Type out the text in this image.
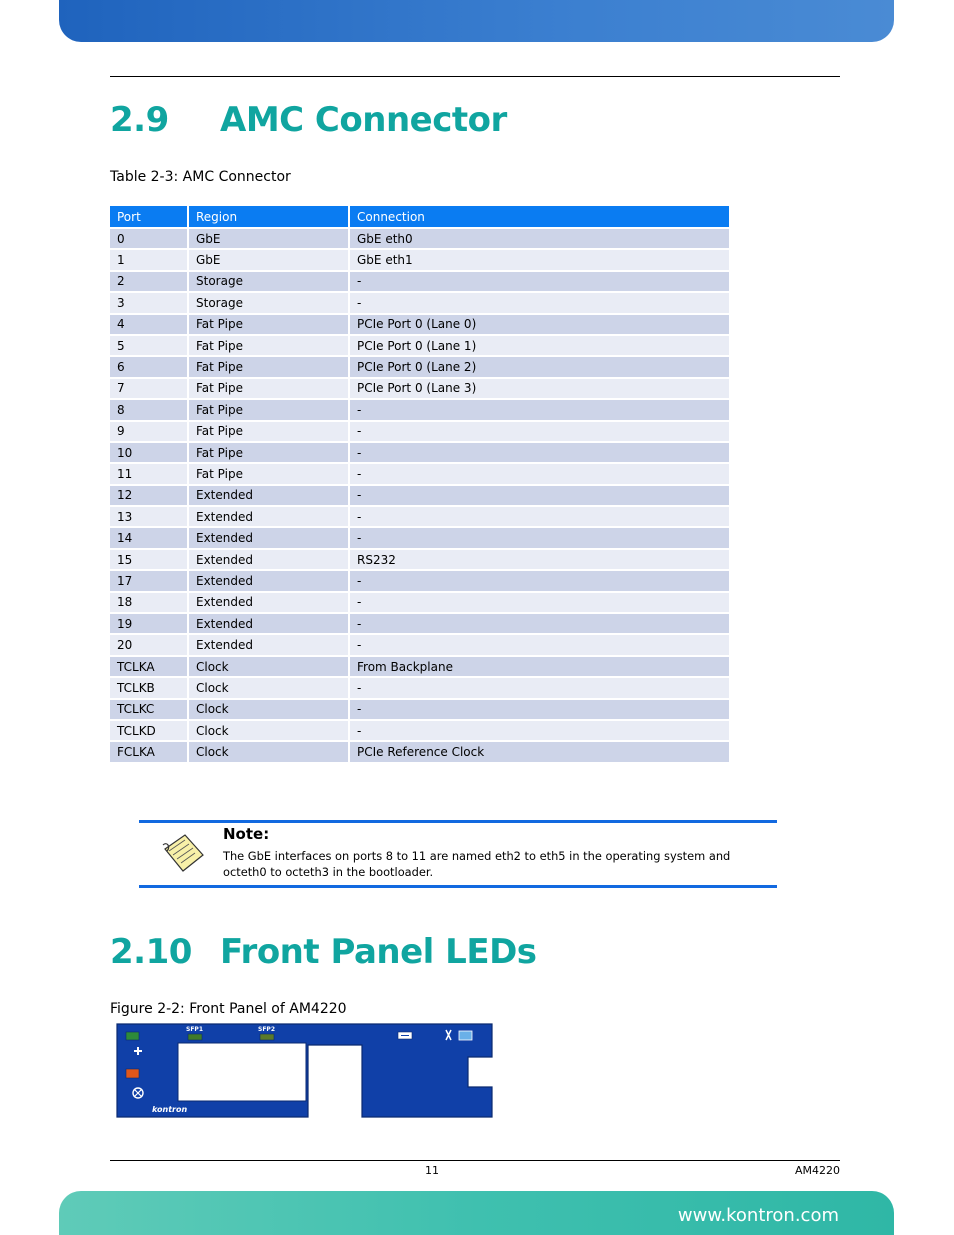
2.9 AMC Connector
Table 2-3: AMC Connector
Port	Region	Connection
0	GbE	GbE eth0
1	GbE	GbE eth1
2	Storage	-
3	Storage	-
4	Fat Pipe	PCIe Port 0 (Lane 0)
5	Fat Pipe	PCIe Port 0 (Lane 1)
6	Fat Pipe	PCIe Port 0 (Lane 2)
7	Fat Pipe	PCIe Port 0 (Lane 3)
8	Fat Pipe	-
9	Fat Pipe	-
10	Fat Pipe	-
11	Fat Pipe	-
12	Extended	-
13	Extended	-
14	Extended	-
15	Extended	RS232
17	Extended	-
18	Extended	-
19	Extended	-
20	Extended	-
TCLKA	Clock	From Backplane
TCLKB	Clock	-
TCLKC	Clock	-
TCLKD	Clock	-
FCLKA	Clock	PCIe Reference Clock
Note:
The GbE interfaces on ports 8 to 11 are named eth2 to eth5 in the operating system and octeth0 to octeth3 in the bootloader.
2.10 Front Panel LEDs
Figure 2-2: Front Panel of AM4220
SFP1	SFP2
kontron	AM4220
11	AM4220
www.kontron.com
